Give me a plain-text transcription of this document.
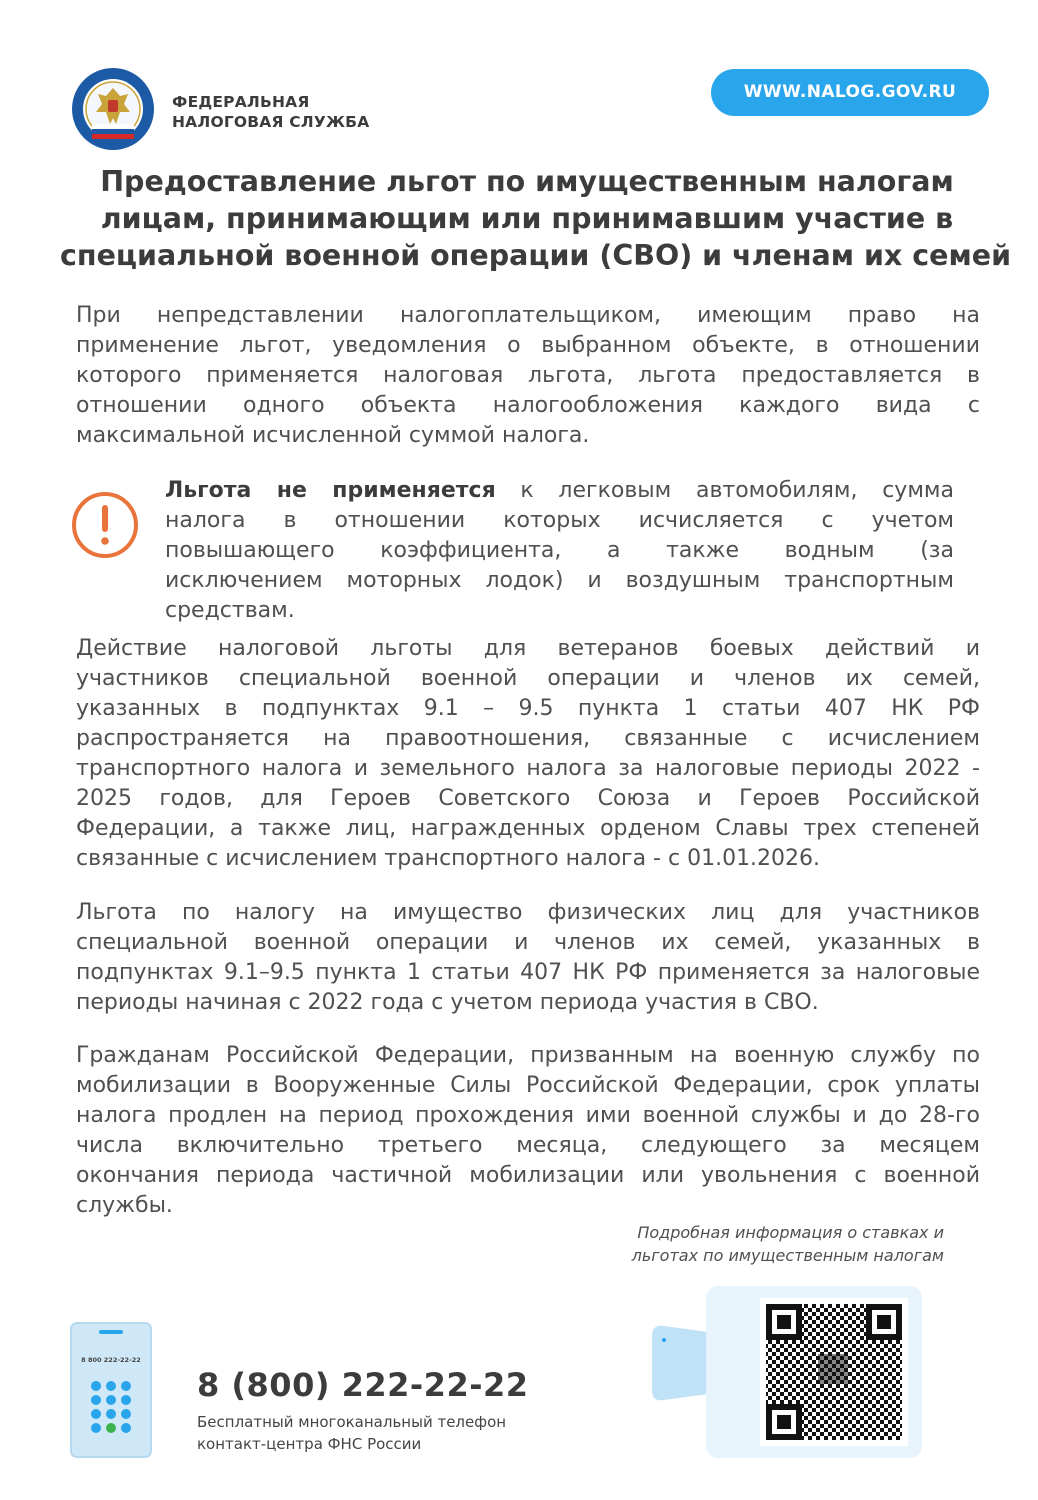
ФЕДЕРАЛЬНАЯ
НАЛОГОВАЯ СЛУЖБА
WWW.NALOG.GOV.RU
Предоставление льгот по имущественным налогам
лицам, принимающим или принимавшим участие в
специальной военной операции (СВО) и членам их семей

При непредставлении налогоплательщиком, имеющим право на
применение льгот, уведомления о выбранном объекте, в отношении
которого применяется налоговая льгота, льгота предоставляется в
отношении одного объекта налогообложения каждого вида с
максимальной исчисленной суммой налога.

Льгота не применяется к легковым автомобилям, сумма
налога в отношении которых исчисляется с учетом
повышающего коэффициента, а также водным (за
исключением моторных лодок) и воздушным транспортным
средствам.

Действие налоговой льготы для ветеранов боевых действий и
участников специальной военной операции и членов их семей,
указанных в подпунктах 9.1 – 9.5 пункта 1 статьи 407 НК РФ
распространяется на правоотношения, связанные с исчислением
транспортного налога и земельного налога за налоговые периоды 2022 -
2025 годов, для Героев Советского Союза и Героев Российской
Федерации, а также лиц, награжденных орденом Славы трех степеней
связанные с исчислением транспортного налога - с 01.01.2026.

Льгота по налогу на имущество физических лиц для участников
специальной военной операции и членов их семей, указанных в
подпунктах 9.1–9.5 пункта 1 статьи 407 НК РФ применяется за налоговые
периоды начиная с 2022 года с учетом периода участия в СВО.

Гражданам Российской Федерации, призванным на военную службу по
мобилизации в Вооруженные Силы Российской Федерации, срок уплаты
налога продлен на период прохождения ими военной службы и до 28-го
числа включительно третьего месяца, следующего за месяцем
окончания периода частичной мобилизации или увольнения с военной
службы.

Подробная информация о ставках и
льготах по имущественным налогам
8 800 222-22-22
8 (800) 222-22-22
Бесплатный многоканальный телефон
контакт-центра ФНС России
